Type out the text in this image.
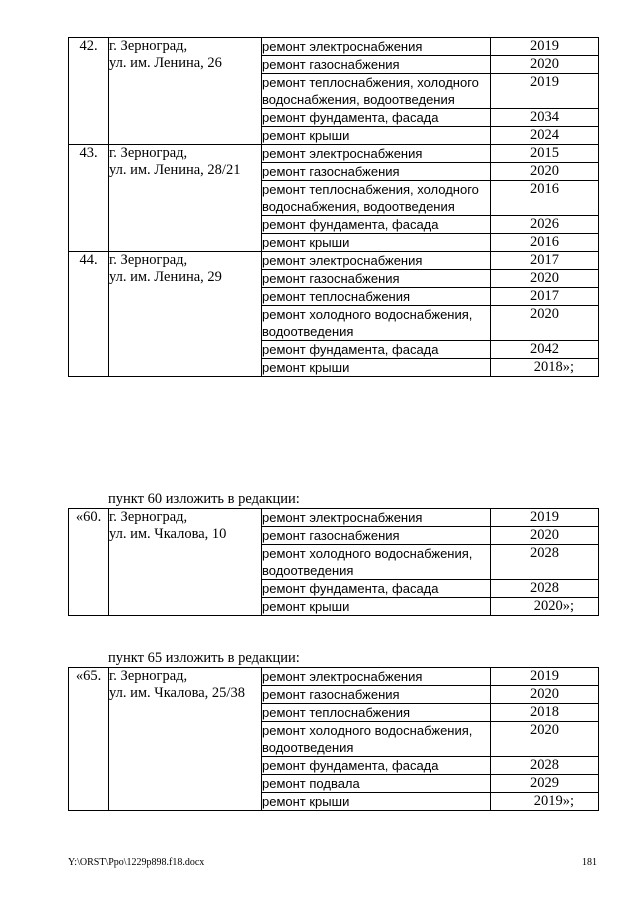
42.	г. Зерноград,
ул. им. Ленина, 26	ремонт электроснабжения	2019
		ремонт газоснабжения	2020
		ремонт теплоснабжения, холодного водоснабжения, водоотведения	2019
		ремонт фундамента, фасада	2034
		ремонт крыши	2024
43.	г. Зерноград,
ул. им. Ленина, 28/21	ремонт электроснабжения	2015
		ремонт газоснабжения	2020
		ремонт теплоснабжения, холодного водоснабжения, водоотведения	2016
		ремонт фундамента, фасада	2026
		ремонт крыши	2016
44.	г. Зерноград,
ул. им. Ленина, 29	ремонт электроснабжения	2017
		ремонт газоснабжения	2020
		ремонт теплоснабжения	2017
		ремонт холодного водоснабжения, водоотведения	2020
		ремонт фундамента, фасада	2042
		ремонт крыши	2018»;
пункт 60 изложить в редакции:
«60.	г. Зерноград,
ул. им. Чкалова, 10	ремонт электроснабжения	2019
		ремонт газоснабжения	2020
		ремонт холодного водоснабжения, водоотведения	2028
		ремонт фундамента, фасада	2028
		ремонт крыши	2020»;
пункт 65 изложить в редакции:
«65.	г. Зерноград,
ул. им. Чкалова, 25/38	ремонт электроснабжения	2019
		ремонт газоснабжения	2020
		ремонт теплоснабжения	2018
		ремонт холодного водоснабжения, водоотведения	2020
		ремонт фундамента, фасада	2028
		ремонт подвала	2029
		ремонт крыши	2019»;
Y:\ORST\Ppo\1229p898.f18.docx	181
